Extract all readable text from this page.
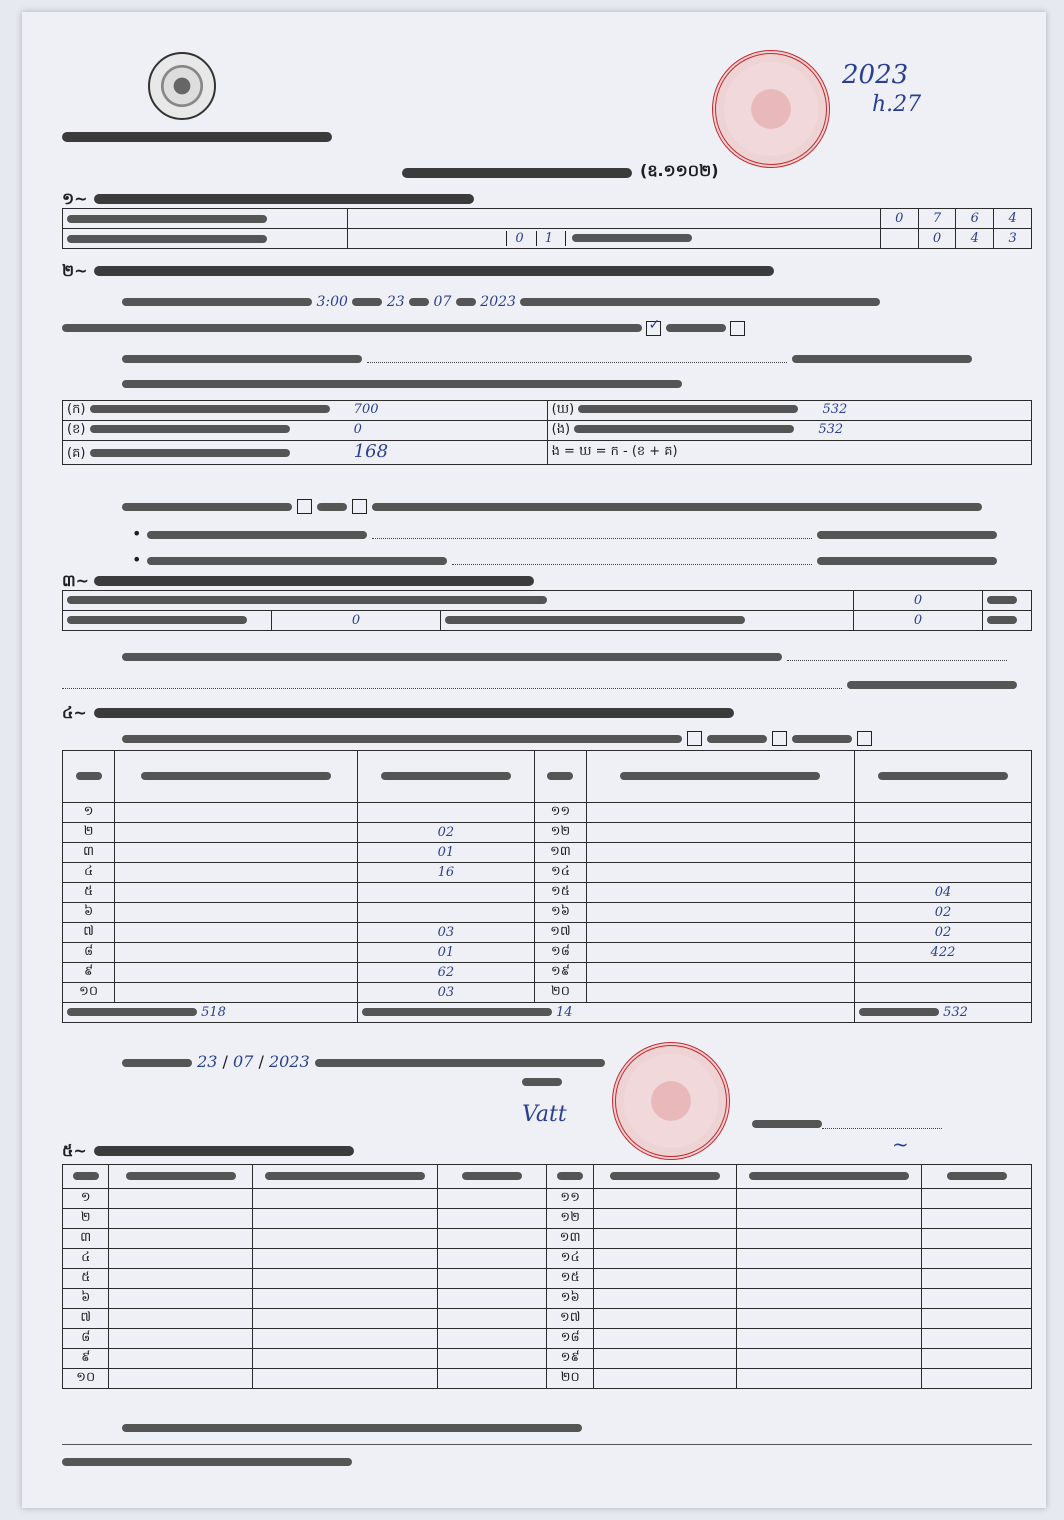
(ឧ.១១០២)
2023
h.27
១~
		0	7	6	4

	0 1		0	4	3
២~
3:00	23 07 2023

✓

(ក) 700	(ឃ) 532
(ខ) 0	(ង) 532
(គ) 168	ង = ឃ = ក - (ខ + គ)

•
•
៣~
			0	
	0		0	

៤~

១			១១		
២		02	១២		
៣		01	១៣		
៤		16	១៤		
៥			១៥		04
៦			១៦		02
៧		03	១៧		02
៨		01	១៨		422
៩		62	១៩		
១០		03	២០		
518		14			532
23 / 07 / 2023
Vatt
~
៥~

១				១១			
២				១២			
៣				១៣			
៤				១៤			
៥				១៥			
៦				១៦			
៧				១៧			
៨				១៨			
៩				១៩			
១០				២០			
